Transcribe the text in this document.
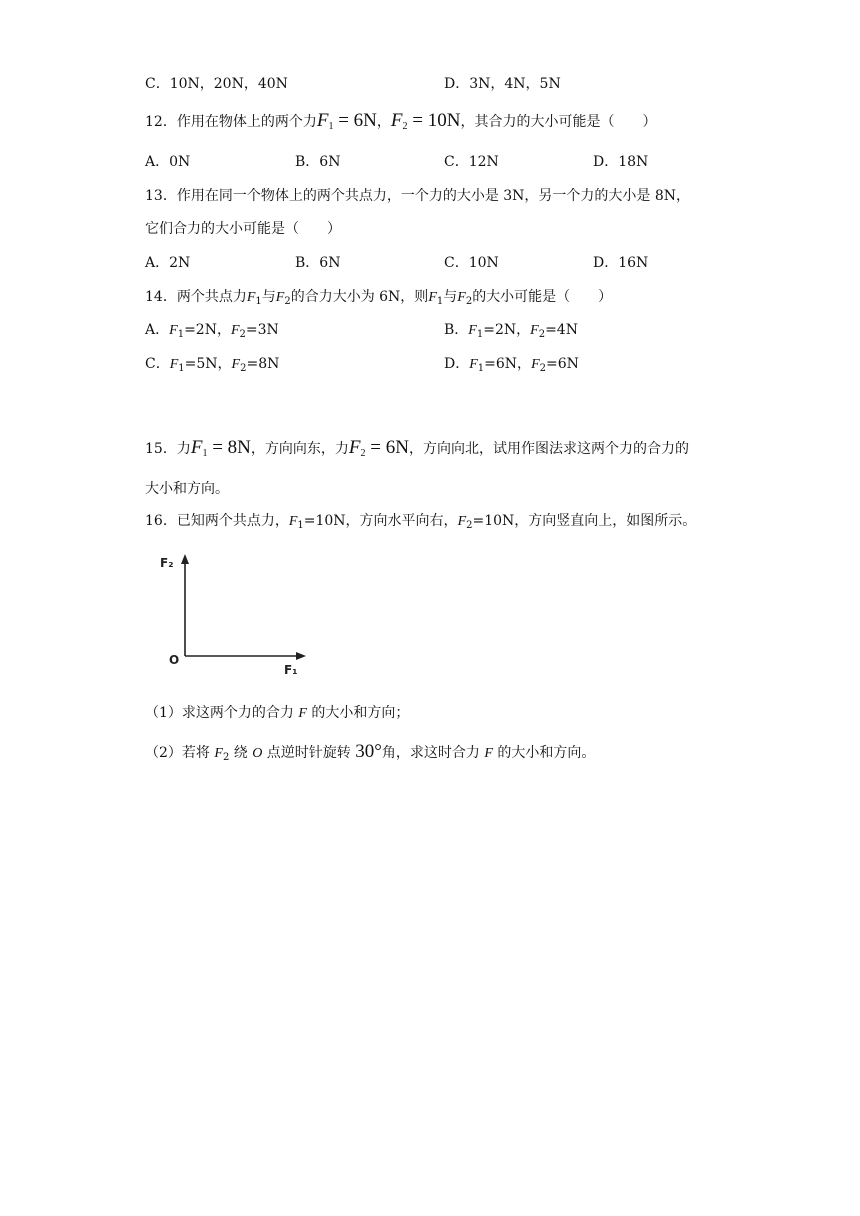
C．10N，20N，40N	D．3N，4N，5N
12．作用在物体上的两个力$F_1 = 6N$，$F_2 = 10N$，其合力的大小可能是（　　）
A．0N	B．6N	C．12N	D．18N
13．作用在同一个物体上的两个共点力，一个力的大小是 3N，另一个力的大小是 8N，
它们合力的大小可能是（　　）
A．2N	B．6N	C．10N	D．16N
14．两个共点力$F_1$与$F_2$的合力大小为 6N，则$F_1$与$F_2$的大小可能是（　　）
A．$F_1=2N$，$F_2=3N$	B．$F_1=2N$，$F_2=4N$
C．$F_1=5N$，$F_2=8N$	D．$F_1=6N$，$F_2=6N$
15．力$F_1 = 8N$，方向向东，力$F_2 = 6N$，方向向北，试用作图法求这两个力的合力的
大小和方向。
16．已知两个共点力，$F_1=10N$，方向水平向右，$F_2=10N$，方向竖直向上，如图所示。
F₂
O
F₁
（1）求这两个力的合力 F 的大小和方向；
（2）若将 $F_2$ 绕 O 点逆时针旋转 30°角，求这时合力 F 的大小和方向。
